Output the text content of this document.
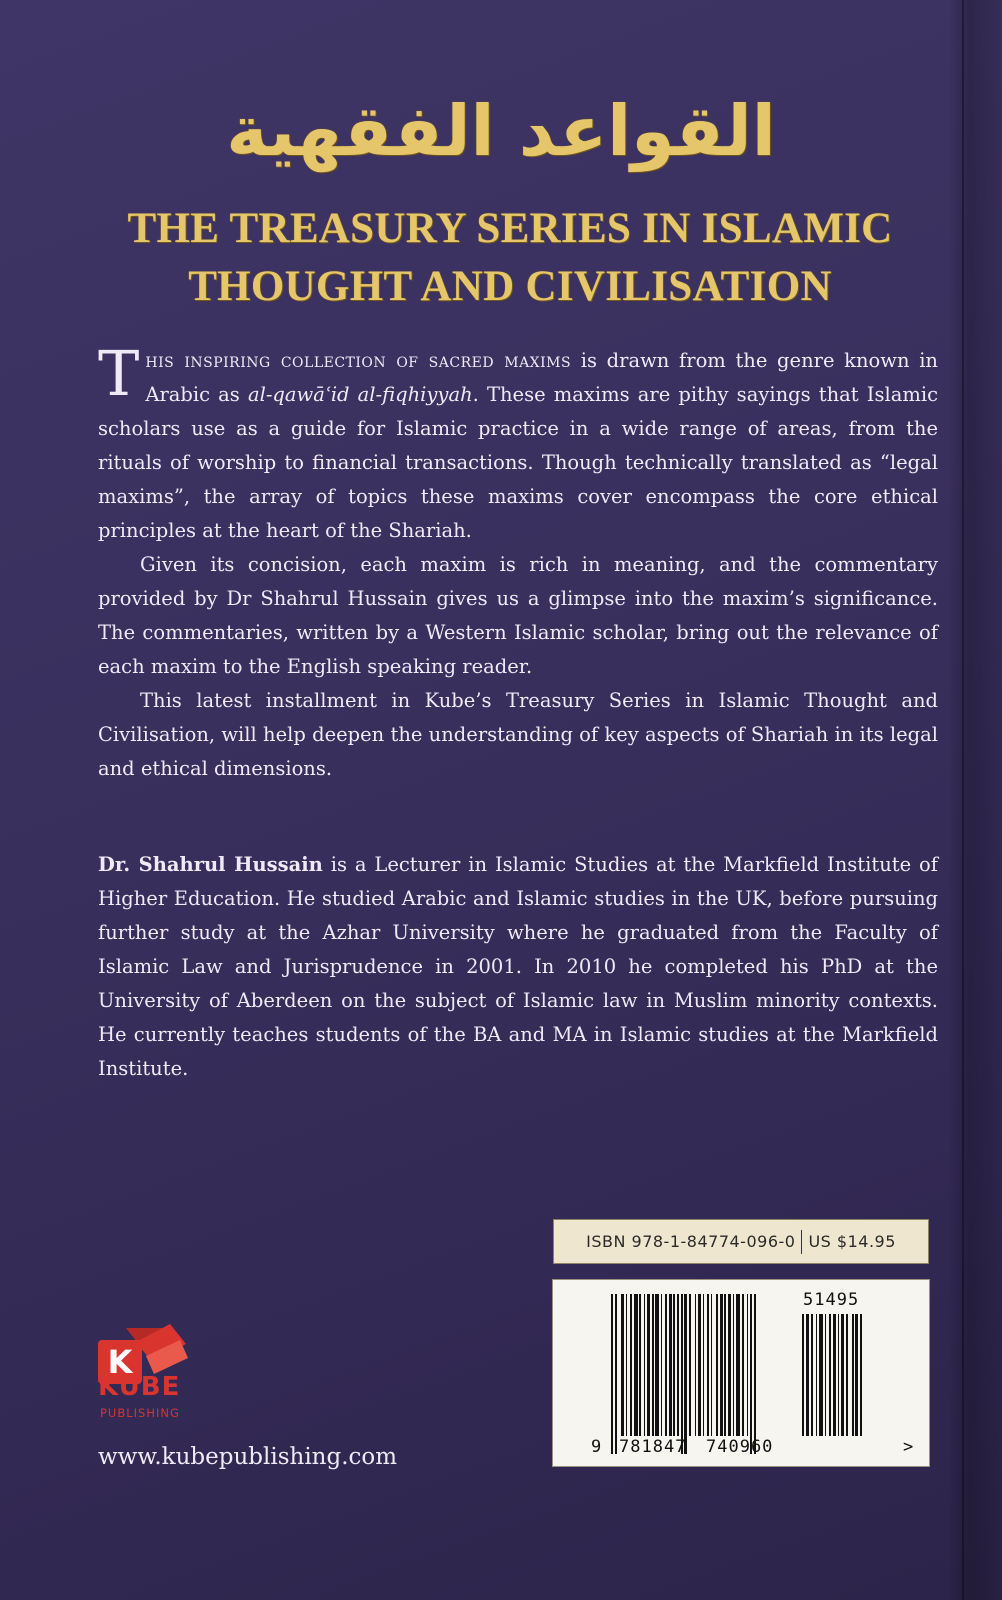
القواعد الفقهية
THE TREASURY SERIES IN ISLAMIC
THOUGHT AND CIVILISATION

This inspiring collection of sacred maxims is drawn from the genre known in Arabic as al-qawāʿid al-fiqhiyyah. These maxims are pithy sayings that Islamic scholars use as a guide for Islamic practice in a wide range of areas, from the rituals of worship to financial transactions. Though technically translated as “legal maxims”, the array of topics these maxims cover encompass the core ethical principles at the heart of the Shariah.

Given its concision, each maxim is rich in meaning, and the commentary provided by Dr Shahrul Hussain gives us a glimpse into the maxim’s significance. The commentaries, written by a Western Islamic scholar, bring out the relevance of each maxim to the English speaking reader.

This latest installment in Kube’s Treasury Series in Islamic Thought and Civilisation, will help deepen the understanding of key aspects of Shariah in its legal and ethical dimensions.

Dr. Shahrul Hussain is a Lecturer in Islamic Studies at the Markfield Institute of Higher Education. He studied Arabic and Islamic studies in the UK, before pursuing further study at the Azhar University where he graduated from the Faculty of Islamic Law and Jurisprudence in 2001. In 2010 he completed his PhD at the University of Aberdeen on the subject of Islamic law in Muslim minority contexts. He currently teaches students of the BA and MA in Islamic studies at the Markfield Institute.

ISBN 978-1-84774-096-0 US $14.95
51495
9 781847 740960	>
K
KUBE
PUBLISHING
www.kubepublishing.com
